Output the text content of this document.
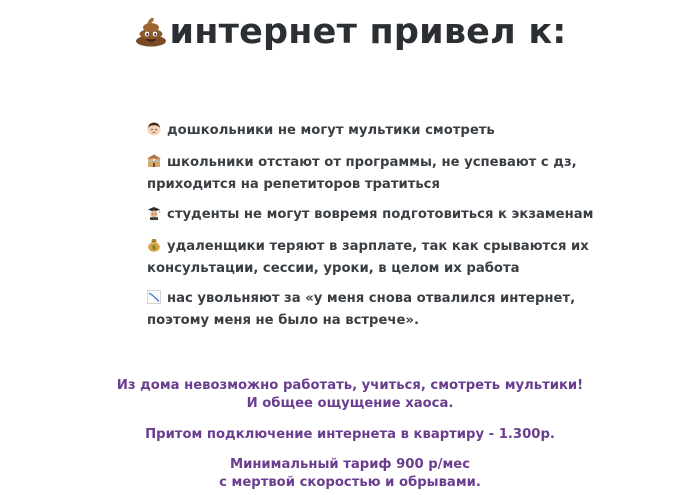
интернет привел к:
дошкольники не могут мультики смотреть
школьники отстают от программы, не успевают с дз,
приходится на репетиторов тратиться
студенты не могут вовремя подготовиться к экзаменам
$ удаленщики теряют в зарплате, так как срываются их
консультации, сессии, уроки, в целом их работа
нас увольняют за «у меня снова отвалился интернет,
поэтому меня не было на встрече».
Из дома невозможно работать, учиться, смотреть мультики!
И общее ощущение хаоса.
Притом подключение интернета в квартиру - 1.300р.
Минимальный тариф 900 р/мес
с мертвой скоростью и обрывами.
